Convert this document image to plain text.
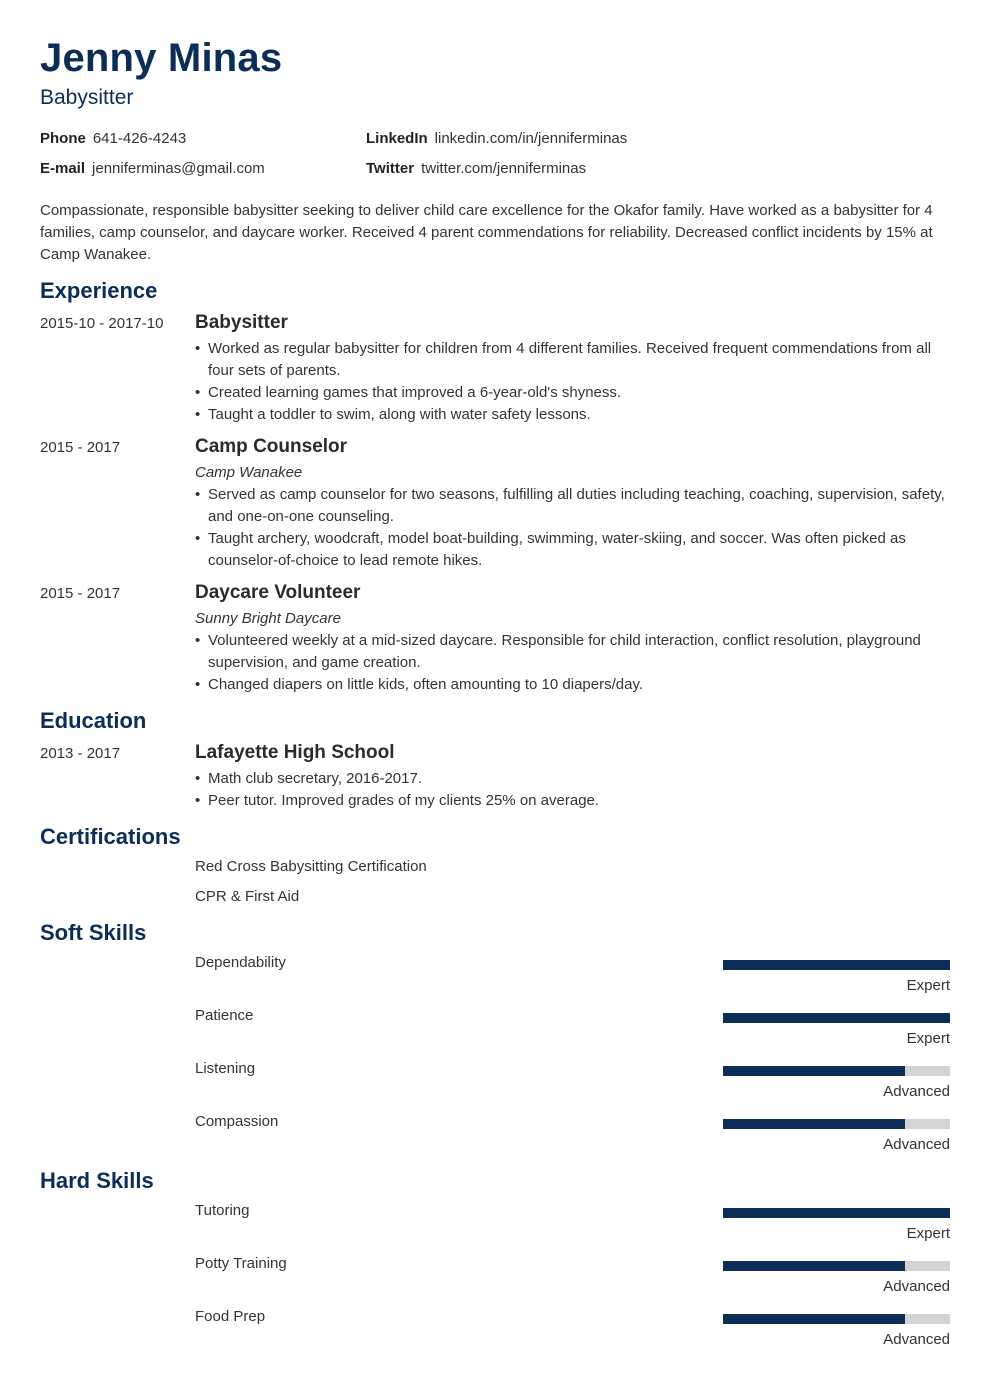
Jenny Minas
Babysitter
Phone 641-426-4243
E-mail jenniferminas@gmail.com
LinkedIn linkedin.com/in/jenniferminas
Twitter twitter.com/jenniferminas
Compassionate, responsible babysitter seeking to deliver child care excellence for the Okafor family. Have worked as a babysitter for 4 families, camp counselor, and daycare worker. Received 4 parent commendations for reliability. Decreased conflict incidents by 15% at Camp Wanakee.
Experience
2015-10 - 2017-10 Babysitter
• Worked as regular babysitter for children from 4 different families. Received frequent commendations from all four sets of parents.
• Created learning games that improved a 6-year-old's shyness.
• Taught a toddler to swim, along with water safety lessons.
2015 - 2017	Camp Counselor
Camp Wanakee
• Served as camp counselor for two seasons, fulfilling all duties including teaching, coaching, supervision, safety, and one-on-one counseling.
• Taught archery, woodcraft, model boat-building, swimming, water-skiing, and soccer. Was often picked as counselor-of-choice to lead remote hikes.
2015 - 2017	Daycare Volunteer
Sunny Bright Daycare
• Volunteered weekly at a mid-sized daycare. Responsible for child interaction, conflict resolution, playground supervision, and game creation.
• Changed diapers on little kids, often amounting to 10 diapers/day.
Education
2013 - 2017	Lafayette High School
• Math club secretary, 2016-2017.
• Peer tutor. Improved grades of my clients 25% on average.
Certifications
Red Cross Babysitting Certification
CPR & First Aid
Soft Skills
Dependability
Expert
Patience
Expert
Listening
Advanced
Compassion
Advanced
Hard Skills
Tutoring
Expert
Potty Training
Advanced
Food Prep
Advanced
